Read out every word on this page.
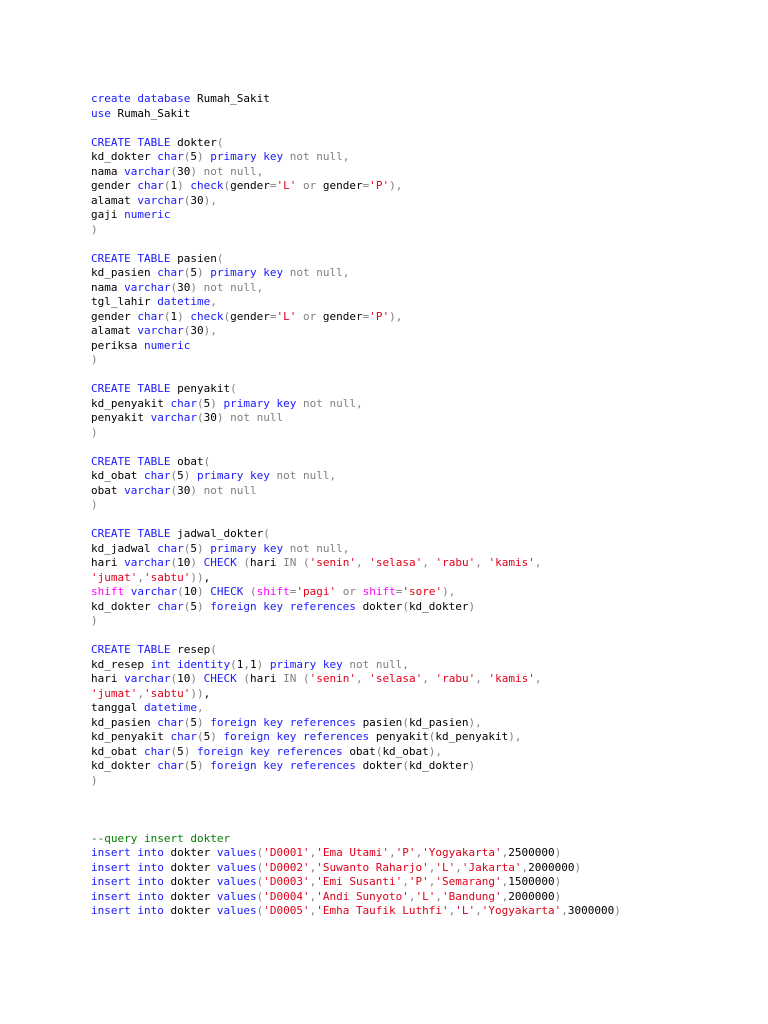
create database Rumah_Sakit
use Rumah_Sakit
CREATE TABLE dokter(
kd_dokter char(5) primary key not null,
nama varchar(30) not null,
gender char(1) check(gender='L' or gender='P'),
alamat varchar(30),
gaji numeric
)
CREATE TABLE pasien(
kd_pasien char(5) primary key not null,
nama varchar(30) not null,
tgl_lahir datetime,
gender char(1) check(gender='L' or gender='P'),
alamat varchar(30),
periksa numeric
)
CREATE TABLE penyakit(
kd_penyakit char(5) primary key not null,
penyakit varchar(30) not null
)
CREATE TABLE obat(
kd_obat char(5) primary key not null,
obat varchar(30) not null
)
CREATE TABLE jadwal_dokter(
kd_jadwal char(5) primary key not null,
hari varchar(10) CHECK (hari IN ('senin', 'selasa', 'rabu', 'kamis',
'jumat','sabtu')),
shift varchar(10) CHECK (shift='pagi' or shift='sore'),
kd_dokter char(5) foreign key references dokter(kd_dokter)
)
CREATE TABLE resep(
kd_resep int identity(1,1) primary key not null,
hari varchar(10) CHECK (hari IN ('senin', 'selasa', 'rabu', 'kamis',
'jumat','sabtu')),
tanggal datetime,
kd_pasien char(5) foreign key references pasien(kd_pasien),
kd_penyakit char(5) foreign key references penyakit(kd_penyakit),
kd_obat char(5) foreign key references obat(kd_obat),
kd_dokter char(5) foreign key references dokter(kd_dokter)
)
--query insert dokter
insert into dokter values('D0001','Ema Utami','P','Yogyakarta',2500000)
insert into dokter values('D0002','Suwanto Raharjo','L','Jakarta',2000000)
insert into dokter values('D0003','Emi Susanti','P','Semarang',1500000)
insert into dokter values('D0004','Andi Sunyoto','L','Bandung',2000000)
insert into dokter values('D0005','Emha Taufik Luthfi','L','Yogyakarta',3000000)
